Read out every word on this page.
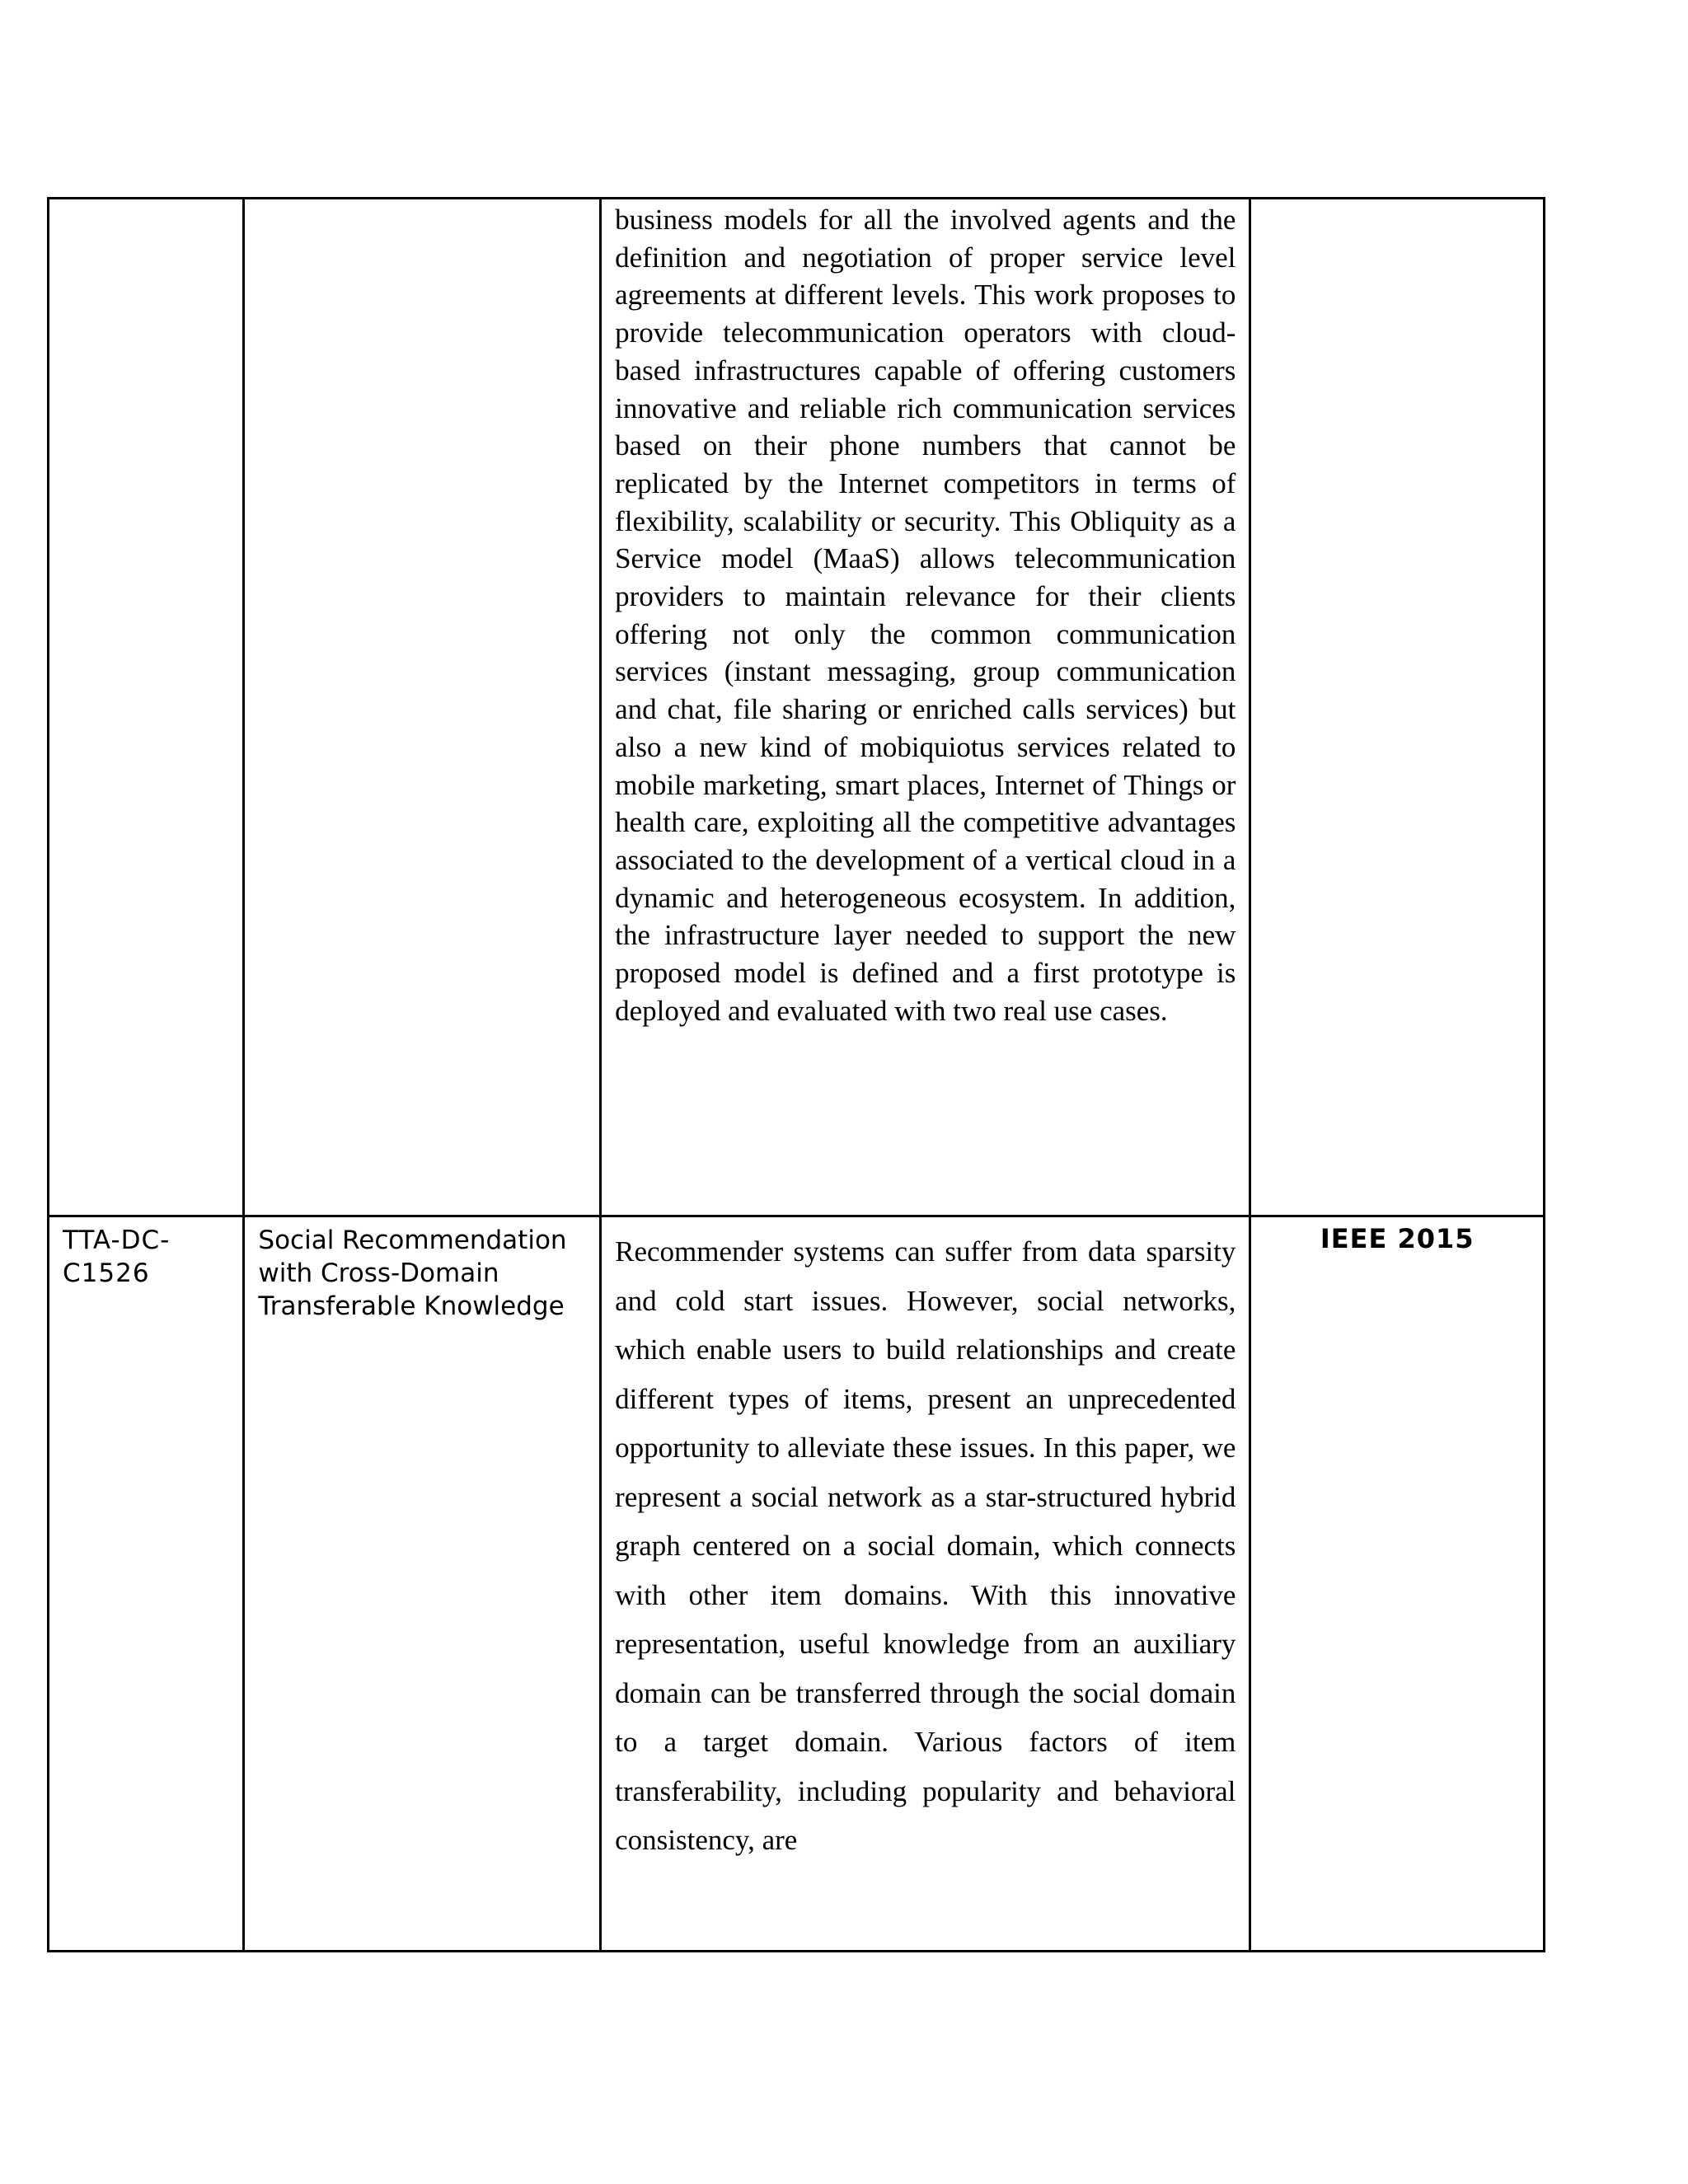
		business models for all the involved agents and the definition and negotiation of proper service level agreements at different levels. This work proposes to provide telecommunication operators with cloud-based infrastructures capable of offering customers innovative and reliable rich communication services based on their phone numbers that cannot be replicated by the Internet competitors in terms of flexibility, scalability or security. This Obliquity as a Service model (MaaS) allows telecommunication providers to maintain relevance for their clients offering not only the common communication services (instant messaging, group communication and chat, file sharing or enriched calls services) but also a new kind of mobiquiotus services related to mobile marketing, smart places, Internet of Things or health care, exploiting all the competitive advantages associated to the development of a vertical cloud in a dynamic and heterogeneous ecosystem. In addition, the infrastructure layer needed to support the new proposed model is defined and a first prototype is deployed and evaluated with two real use cases.	

TTA-DC-C1526	Social Recommendation with Cross-Domain Transferable Knowledge	Recommender systems can suffer from data sparsity and cold start issues. However, social networks, which enable users to build relationships and create different types of items, present an unprecedented opportunity to alleviate these issues. In this paper, we represent a social network as a star-structured hybrid graph centered on a social domain, which connects with other item domains. With this innovative representation, useful knowledge from an auxiliary domain can be transferred through the social domain to a target domain. Various factors of item transferability, including popularity and behavioral consistency, are	IEEE 2015
